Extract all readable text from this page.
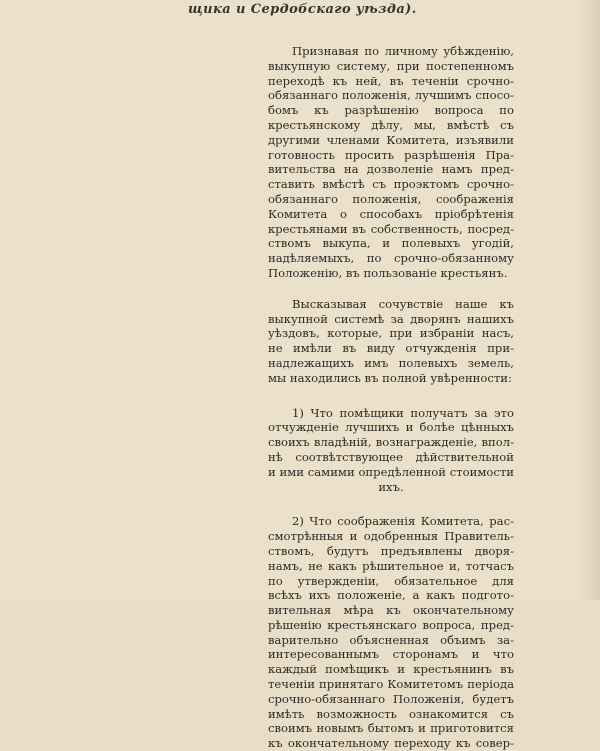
щика и Сердобскаго уѣзда).
Признавая по личному убѣжденію,
выкупную систему, при постепенномъ
переходѣ къ ней, въ теченіи срочно-
обязаннаго положенія, лучшимъ спосо-
бомъ къ разрѣшенію вопроса по
крестьянскому дѣлу, мы, вмѣстѣ съ
другими членами Комитета, изъявили
готовность просить разрѣшенія Пра-
вительства на дозволеніе намъ пред-
ставить вмѣстѣ съ проэктомъ срочно-
обязаннаго положенія, соображенія
Комитета о способахъ пріобрѣтенія
крестьянами въ собственность, посред-
ствомъ выкупа, и полевыхъ угодій,
надѣляемыхъ, по срочно-обязанному
Положенію, въ пользованіе крестьянъ.
Высказывая сочувствіе наше къ
выкупной системѣ за дворянъ нашихъ
уѣздовъ, которые, при избраніи насъ,
не имѣли въ виду отчужденія при-
надлежащихъ имъ полевыхъ земель,
мы находились въ полной увѣренности:
1) Что помѣщики получатъ за это
отчужденіе лучшихъ и болѣе цѣнныхъ
своихъ владѣній, вознагражденіе, впол-
нѣ соотвѣтствующее дѣйствительной
и ими самими опредѣленной стоимости
ихъ.
2) Что соображенія Комитета, рас-
смотрѣнныя и одобренныя Правитель-
ствомъ, будутъ предъявлены дворя-
намъ, не какъ рѣшительное и, тотчасъ
по утвержденіи, обязательное для
всѣхъ ихъ положеніе, а какъ подгото-
вительная мѣра къ окончательному
рѣшенію крестьянскаго вопроса, пред-
варительно объясненная объимъ за-
интересованнымъ сторонамъ и что
каждый помѣщикъ и крестьянинъ въ
теченіи принятаго Комитетомъ періода
срочно-обязаннаго Положенія, будетъ
имѣть возможность ознакомится съ
своимъ новымъ бытомъ и приготовится
къ окончательному переходу къ совер-
